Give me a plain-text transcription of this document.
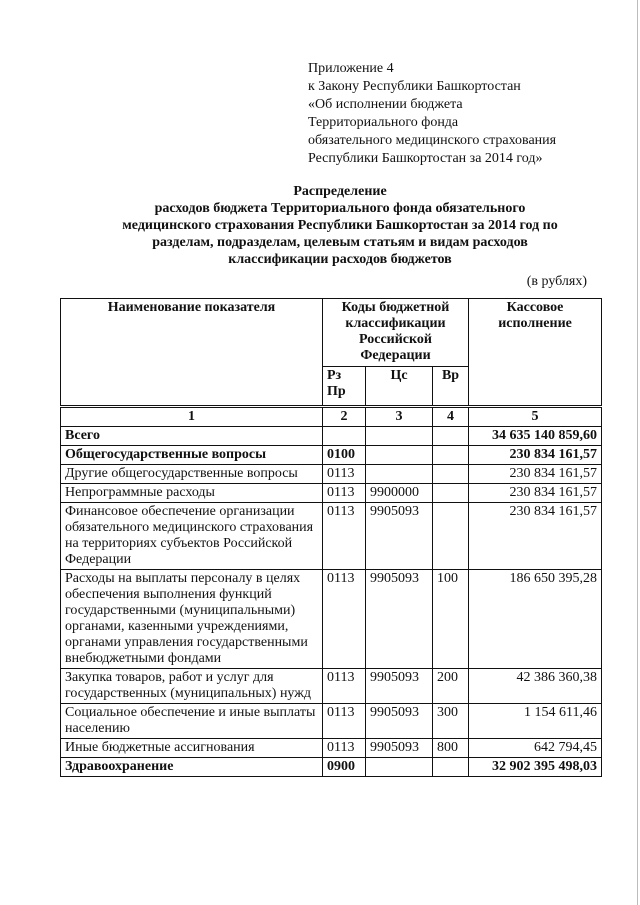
Приложение 4
к Закону Республики Башкортостан
«Об исполнении бюджета
Территориального фонда
обязательного медицинского страхования
Республики Башкортостан за 2014 год»
Распределение
расходов бюджета Территориального фонда обязательного
медицинского страхования Республики Башкортостан за 2014 год по
разделам, подразделам, целевым статьям и видам расходов
классификации расходов бюджетов
(в рублях)
Наименование показателя	Коды бюджетной классификации Российской Федерации			Кассовое исполнение
	Рз Пр	Цс	Вр	
1	2	3	4	5
Всего				34 635 140 859,60
Общегосударственные вопросы	0100			230 834 161,57
Другие общегосударственные вопросы	0113			230 834 161,57
Непрограммные расходы	0113	9900000		230 834 161,57
Финансовое обеспечение организации обязательного медицинского страхования на территориях субъектов Российской Федерации	0113	9905093		230 834 161,57
Расходы на выплаты персоналу в целях обеспечения выполнения функций государственными (муниципальными) органами, казенными учреждениями, органами управления государственными внебюджетными фондами	0113	9905093	100	186 650 395,28
Закупка товаров, работ и услуг для государственных (муниципальных) нужд	0113	9905093	200	42 386 360,38
Социальное обеспечение и иные выплаты населению	0113	9905093	300	1 154 611,46
Иные бюджетные ассигнования	0113	9905093	800	642 794,45
Здравоохранение	0900			32 902 395 498,03
